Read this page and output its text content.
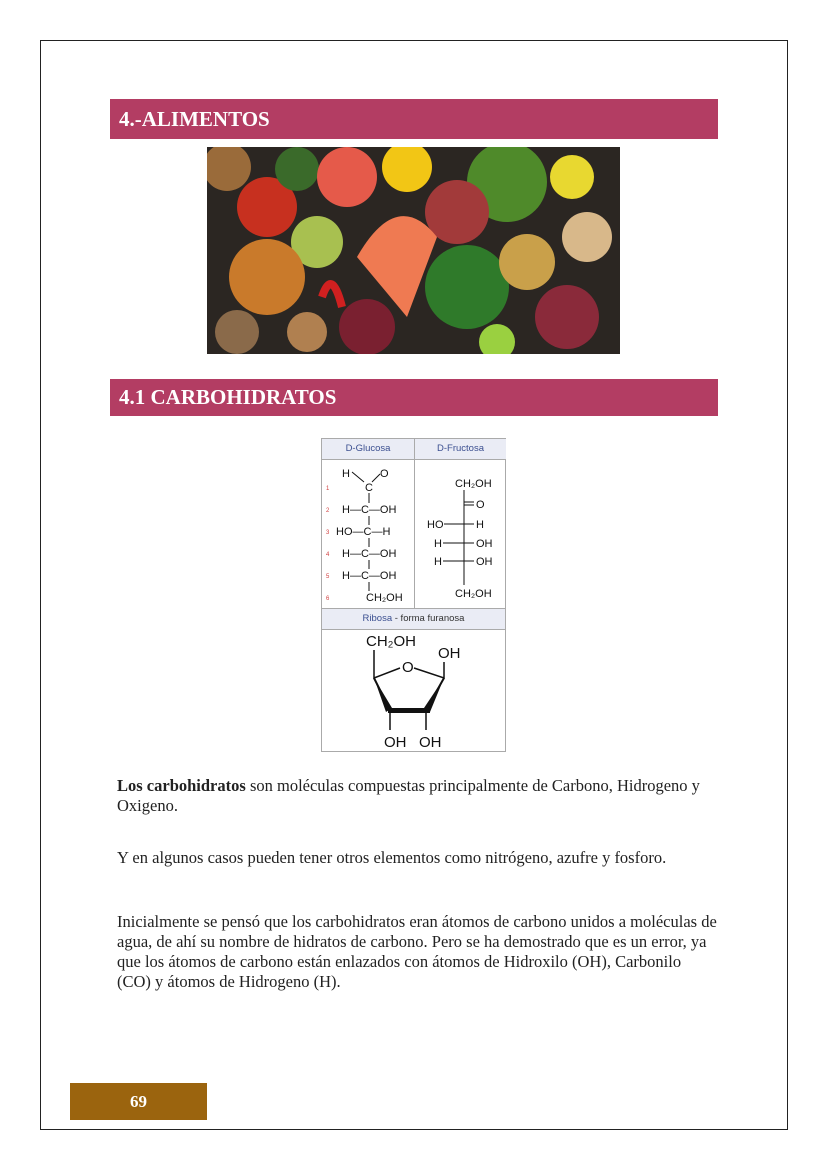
4.-ALIMENTOS
4.1 CARBOHIDRATOS
D-Glucosa	D-Fructosa
H
C
O
H—C—OH
HO—C—H
H—C—OH
H—C—OH
CH₂OH
1
2
3
4
5
6
CH₂OH
O
HO	H
H	OH
H	OH
CH₂OH
Ribosa - forma furanosa
CH₂OH
O
OH
OH OH
Los carbohidratos son moléculas compuestas principalmente de Carbono, Hidrogeno y Oxigeno.
Y en algunos casos pueden tener otros elementos como nitrógeno, azufre y fosforo.
Inicialmente se pensó que los carbohidratos eran átomos de carbono unidos a moléculas de agua, de ahí su nombre de hidratos de carbono. Pero se ha demostrado que es un error, ya que los átomos de carbono están enlazados con átomos de Hidroxilo (OH), Carbonilo (CO) y átomos de Hidrogeno (H).
69
